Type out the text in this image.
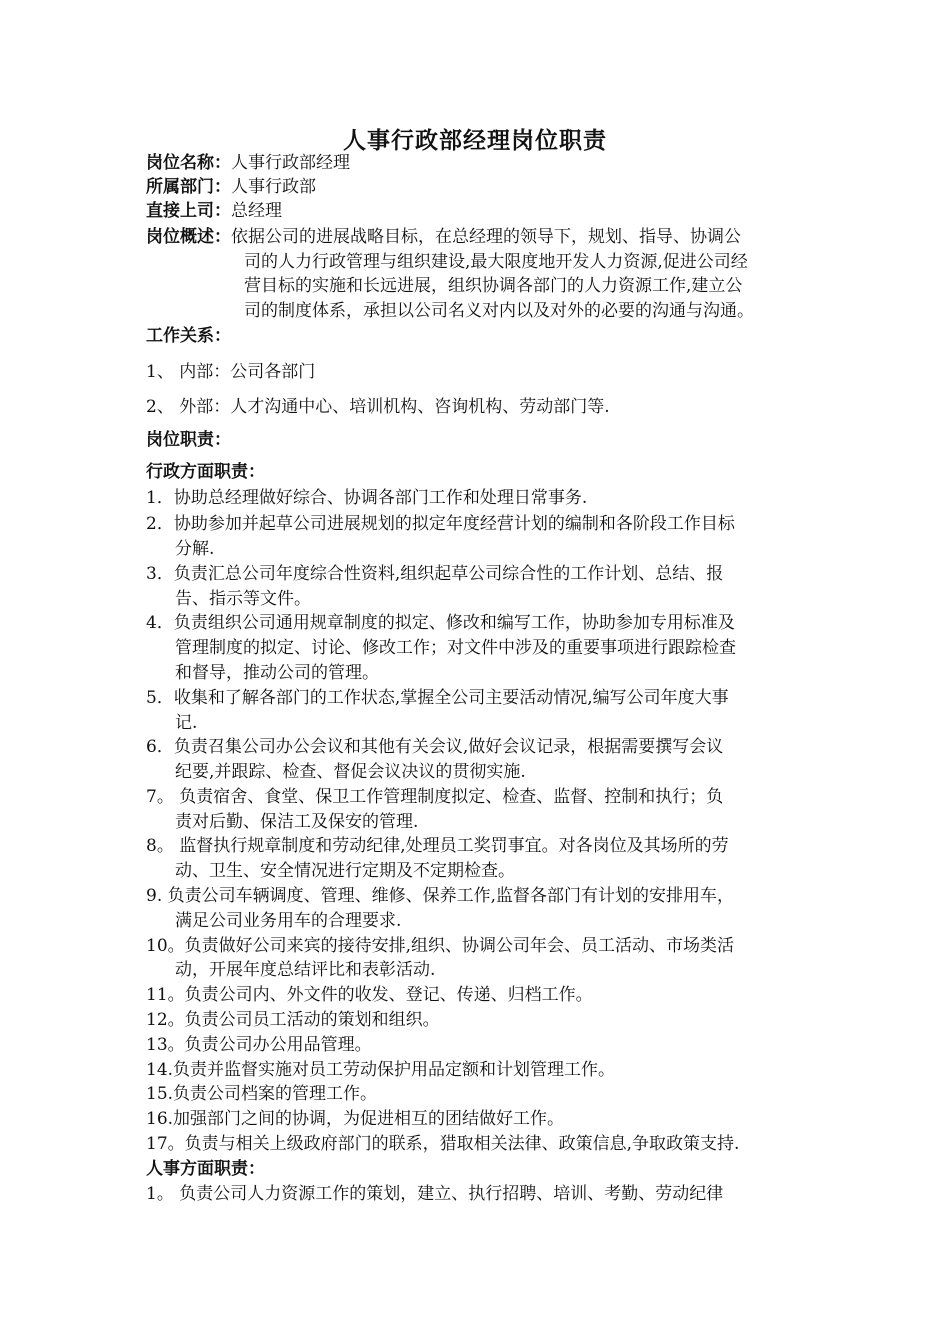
人事行政部经理岗位职责
岗位名称：人事行政部经理
所属部门：人事行政部
直接上司：总经理
岗位概述：依据公司的进展战略目标，在总经理的领导下，规划、指导、协调公
司的人力行政管理与组织建设,最大限度地开发人力资源,促进公司经
营目标的实施和长远进展，组织协调各部门的人力资源工作,建立公
司的制度体系，承担以公司名义对内以及对外的必要的沟通与沟通。
工作关系：
1、 内部：公司各部门
2、 外部：人才沟通中心、培训机构、咨询机构、劳动部门等.
岗位职责：
行政方面职责：
1．协助总经理做好综合、协调各部门工作和处理日常事务.
2．协助参加并起草公司进展规划的拟定年度经营计划的编制和各阶段工作目标
分解.
3．负责汇总公司年度综合性资料,组织起草公司综合性的工作计划、总结、报
告、指示等文件。
4．负责组织公司通用规章制度的拟定、修改和编写工作，协助参加专用标准及
管理制度的拟定、讨论、修改工作；对文件中涉及的重要事项进行跟踪检查
和督导，推动公司的管理。
5．收集和了解各部门的工作状态,掌握全公司主要活动情况,编写公司年度大事
记.
6．负责召集公司办公会议和其他有关会议,做好会议记录，根据需要撰写会议
纪要,并跟踪、检查、督促会议决议的贯彻实施.
7。 负责宿舍、食堂、保卫工作管理制度拟定、检查、监督、控制和执行；负
责对后勤、保洁工及保安的管理.
8。 监督执行规章制度和劳动纪律,处理员工奖罚事宜。对各岗位及其场所的劳
动、卫生、安全情况进行定期及不定期检查。
9. 负责公司车辆调度、管理、维修、保养工作,监督各部门有计划的安排用车，
满足公司业务用车的合理要求.
10。负责做好公司来宾的接待安排,组织、协调公司年会、员工活动、市场类活
动，开展年度总结评比和表彰活动.
11。负责公司内、外文件的收发、登记、传递、归档工作。
12。负责公司员工活动的策划和组织。
13。负责公司办公用品管理。
14.负责并监督实施对员工劳动保护用品定额和计划管理工作。
15.负责公司档案的管理工作。
16.加强部门之间的协调，为促进相互的团结做好工作。
17。负责与相关上级政府部门的联系，猎取相关法律、政策信息,争取政策支持.
人事方面职责：
1。 负责公司人力资源工作的策划，建立、执行招聘、培训、考勤、劳动纪律
